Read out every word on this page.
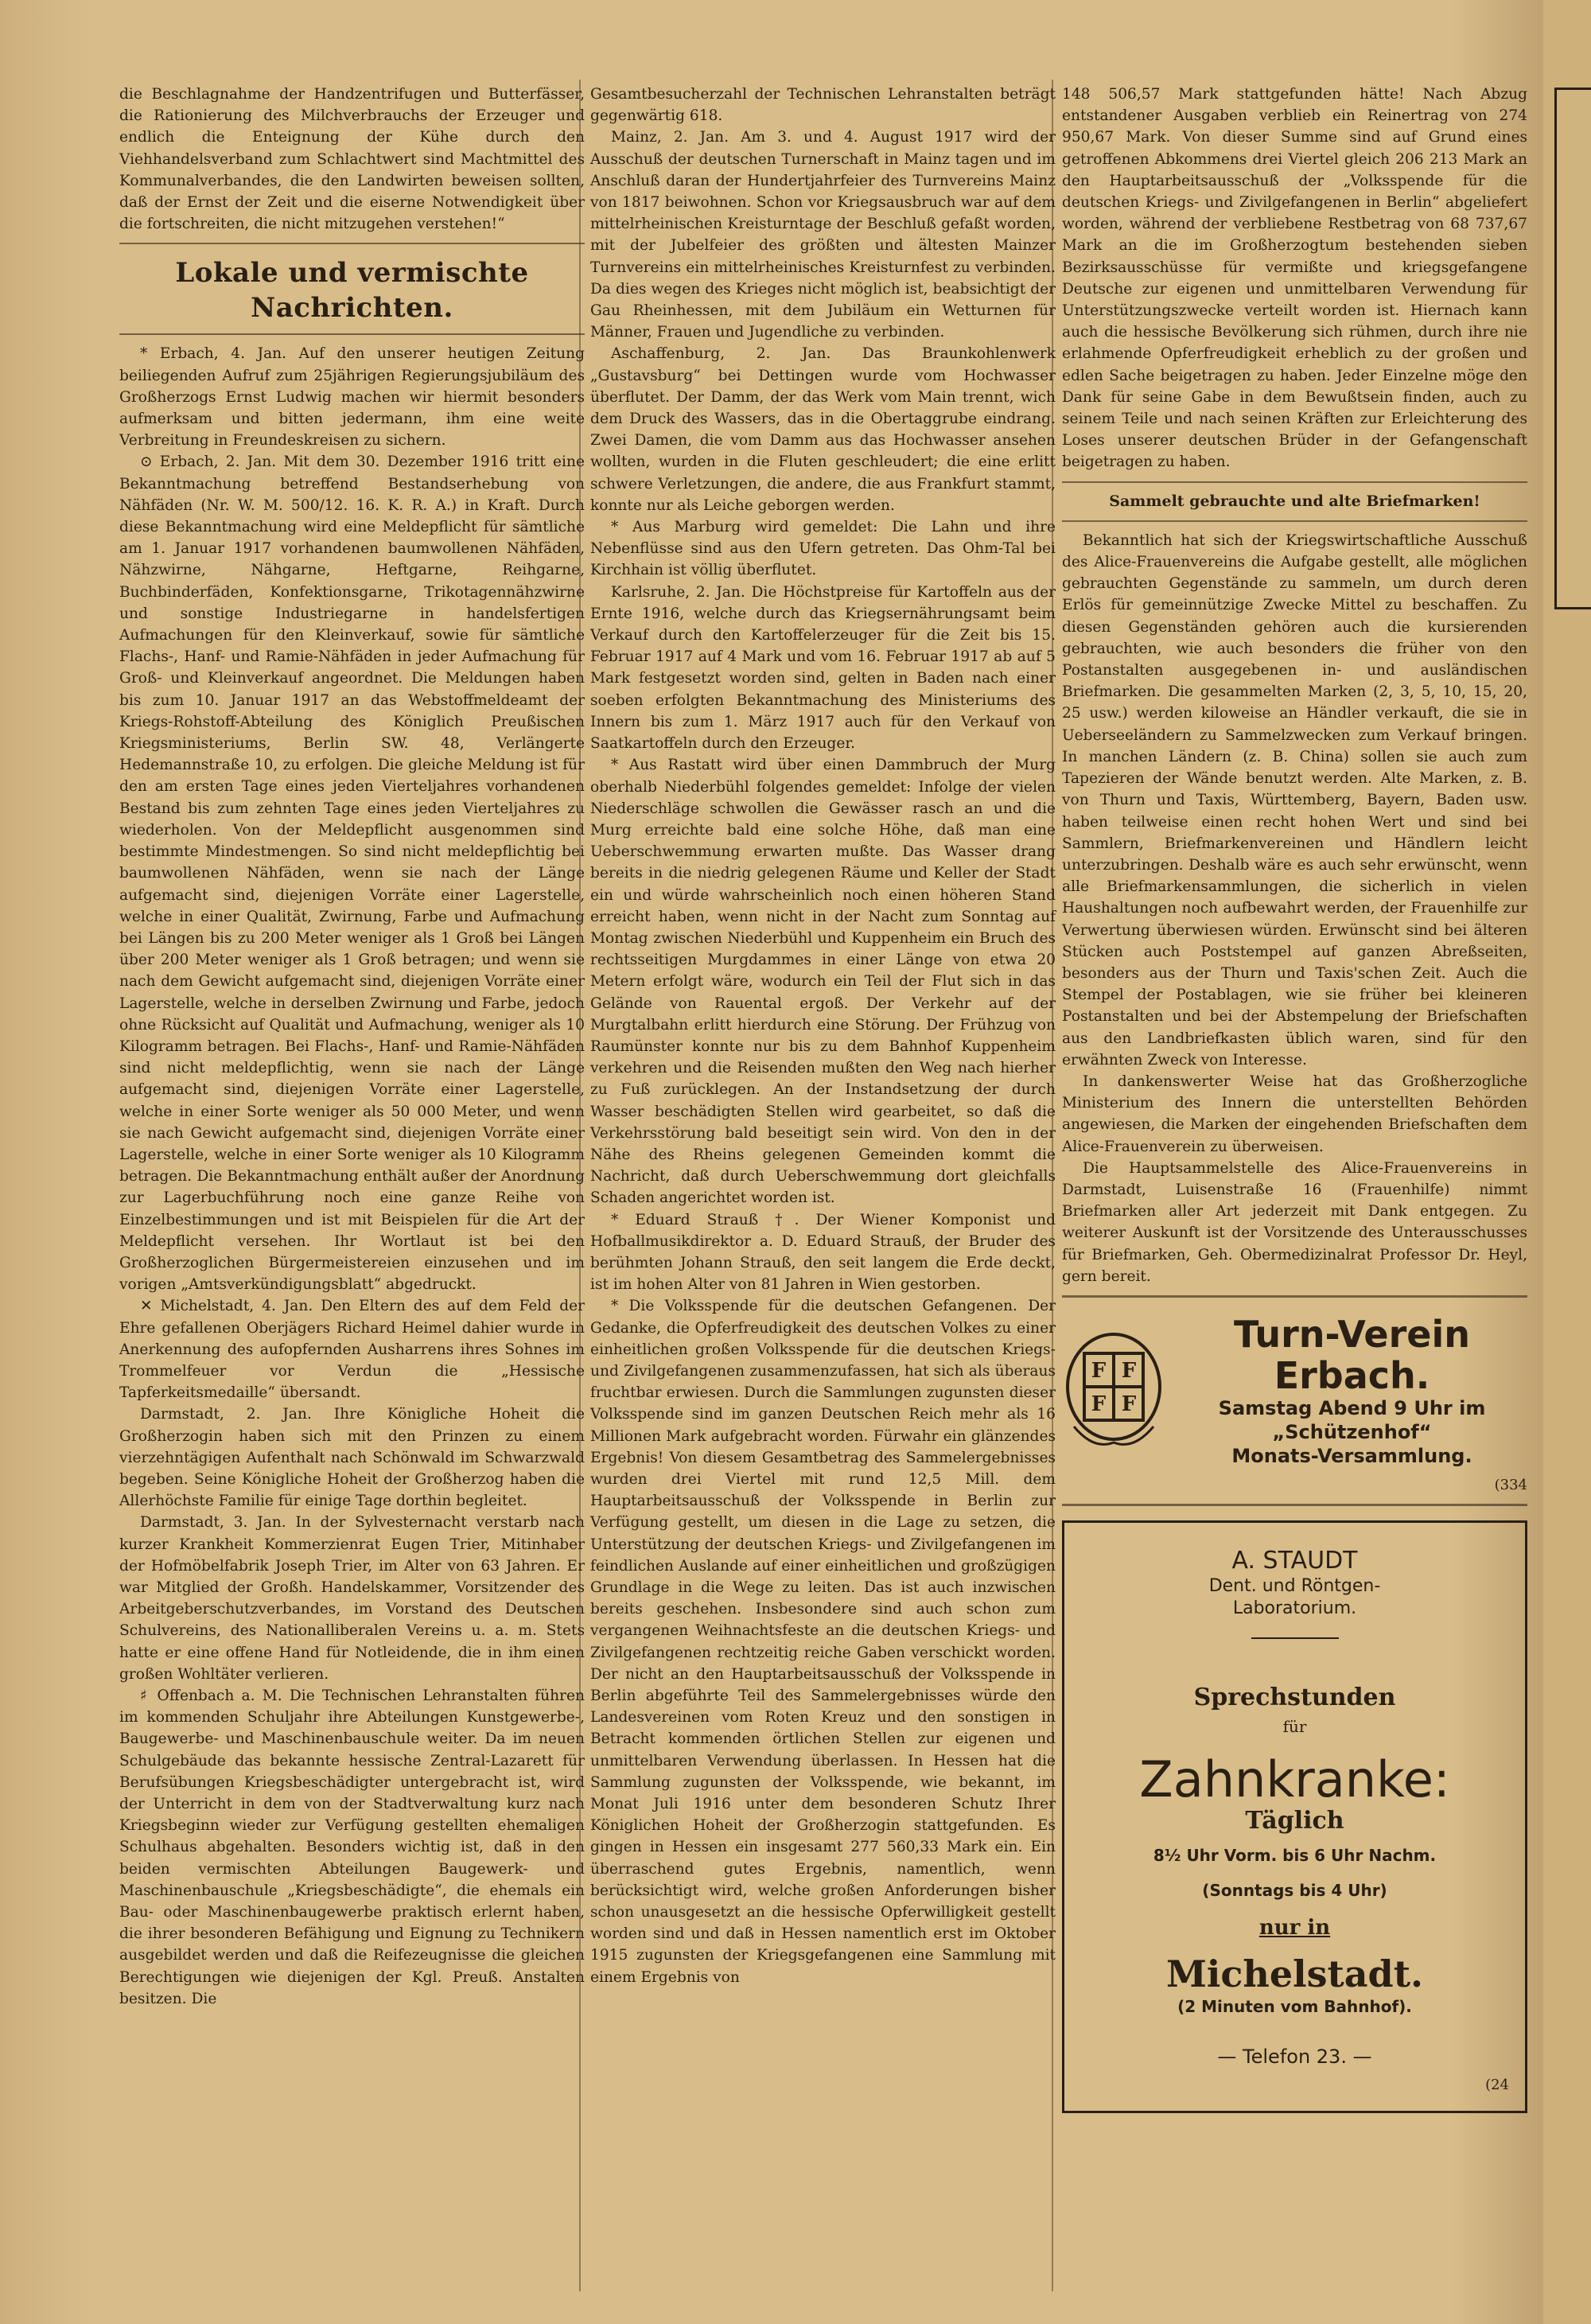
die Beschlagnahme der Handzentrifugen und Butterfässer, die Rationierung des Milchverbrauchs der Erzeuger und endlich die Enteignung der Kühe durch den Viehhandelsverband zum Schlachtwert sind Machtmittel des Kommunalverbandes, die den Landwirten beweisen sollten, daß der Ernst der Zeit und die eiserne Notwendigkeit über die fortschreiten, die nicht mitzugehen verstehen!“

Lokale und vermischte Nachrichten.

* Erbach, 4. Jan. Auf den unserer heutigen Zeitung beiliegenden Aufruf zum 25jährigen Regierungsjubiläum des Großherzogs Ernst Ludwig machen wir hiermit besonders aufmerksam und bitten jedermann, ihm eine weite Verbreitung in Freundeskreisen zu sichern.

⊙ Erbach, 2. Jan. Mit dem 30. Dezember 1916 tritt eine Bekanntmachung betreffend Bestandserhebung von Nähfäden (Nr. W. M. 500/12. 16. K. R. A.) in Kraft. Durch diese Bekanntmachung wird eine Meldepflicht für sämtliche am 1. Januar 1917 vorhandenen baumwollenen Nähfäden, Nähzwirne, Nähgarne, Heftgarne, Reihgarne, Buchbinderfäden, Konfektionsgarne, Trikotagennähzwirne und sonstige Industriegarne in handelsfertigen Aufmachungen für den Kleinverkauf, sowie für sämtliche Flachs-, Hanf- und Ramie-Nähfäden in jeder Aufmachung für Groß- und Kleinverkauf angeordnet. Die Meldungen haben bis zum 10. Januar 1917 an das Webstoffmeldeamt der Kriegs-Rohstoff-Abteilung des Königlich Preußischen Kriegsministeriums, Berlin SW. 48, Verlängerte Hedemannstraße 10, zu erfolgen. Die gleiche Meldung ist für den am ersten Tage eines jeden Vierteljahres vorhandenen Bestand bis zum zehnten Tage eines jeden Vierteljahres zu wiederholen. Von der Meldepflicht ausgenommen sind bestimmte Mindestmengen. So sind nicht meldepflichtig bei baumwollenen Nähfäden, wenn sie nach der Länge aufgemacht sind, diejenigen Vorräte einer Lagerstelle, welche in einer Qualität, Zwirnung, Farbe und Aufmachung bei Längen bis zu 200 Meter weniger als 1 Groß bei Längen über 200 Meter weniger als 1 Groß betragen; und wenn sie nach dem Gewicht aufgemacht sind, diejenigen Vorräte einer Lagerstelle, welche in derselben Zwirnung und Farbe, jedoch ohne Rücksicht auf Qualität und Aufmachung, weniger als 10 Kilogramm betragen. Bei Flachs-, Hanf- und Ramie-Nähfäden sind nicht meldepflichtig, wenn sie nach der Länge aufgemacht sind, diejenigen Vorräte einer Lagerstelle, welche in einer Sorte weniger als 50 000 Meter, und wenn sie nach Gewicht aufgemacht sind, diejenigen Vorräte einer Lagerstelle, welche in einer Sorte weniger als 10 Kilogramm betragen. Die Bekanntmachung enthält außer der Anordnung zur Lagerbuchführung noch eine ganze Reihe von Einzelbestimmungen und ist mit Beispielen für die Art der Meldepflicht versehen. Ihr Wortlaut ist bei den Großherzoglichen Bürgermeistereien einzusehen und im vorigen „Amtsverkündigungsblatt“ abgedruckt.

✕ Michelstadt, 4. Jan. Den Eltern des auf dem Feld der Ehre gefallenen Oberjägers Richard Heimel dahier wurde in Anerkennung des aufopfernden Ausharrens ihres Sohnes im Trommelfeuer vor Verdun die „Hessische Tapferkeitsmedaille“ übersandt.

Darmstadt, 2. Jan. Ihre Königliche Hoheit die Großherzogin haben sich mit den Prinzen zu einem vierzehntägigen Aufenthalt nach Schönwald im Schwarzwald begeben. Seine Königliche Hoheit der Großherzog haben die Allerhöchste Familie für einige Tage dorthin begleitet.

Darmstadt, 3. Jan. In der Sylvesternacht verstarb nach kurzer Krankheit Kommerzienrat Eugen Trier, Mitinhaber der Hofmöbelfabrik Joseph Trier, im Alter von 63 Jahren. Er war Mitglied der Großh. Handelskammer, Vorsitzender des Arbeitgeberschutzverbandes, im Vorstand des Deutschen Schulvereins, des Nationalliberalen Vereins u. a. m. Stets hatte er eine offene Hand für Notleidende, die in ihm einen großen Wohltäter verlieren.

♯ Offenbach a. M. Die Technischen Lehranstalten führen im kommenden Schuljahr ihre Abteilungen Kunstgewerbe-, Baugewerbe- und Maschinenbauschule weiter. Da im neuen Schulgebäude das bekannte hessische Zentral-Lazarett für Berufsübungen Kriegsbeschädigter untergebracht ist, wird der Unterricht in dem von der Stadtverwaltung kurz nach Kriegsbeginn wieder zur Verfügung gestellten ehemaligen Schulhaus abgehalten. Besonders wichtig ist, daß in den beiden vermischten Abteilungen Baugewerk- und Maschinenbauschule „Kriegsbeschädigte“, die ehemals ein Bau- oder Maschinenbaugewerbe praktisch erlernt haben, die ihrer besonderen Befähigung und Eignung zu Technikern ausgebildet werden und daß die Reifezeugnisse die gleichen Berechtigungen wie diejenigen der Kgl. Preuß. Anstalten besitzen. Die

Gesamtbesucherzahl der Technischen Lehranstalten beträgt gegenwärtig 618.

Mainz, 2. Jan. Am 3. und 4. August 1917 wird der Ausschuß der deutschen Turnerschaft in Mainz tagen und im Anschluß daran der Hundertjahrfeier des Turnvereins Mainz von 1817 beiwohnen. Schon vor Kriegsausbruch war auf dem mittelrheinischen Kreisturntage der Beschluß gefaßt worden, mit der Jubelfeier des größten und ältesten Mainzer Turnvereins ein mittelrheinisches Kreisturnfest zu verbinden. Da dies wegen des Krieges nicht möglich ist, beabsichtigt der Gau Rheinhessen, mit dem Jubiläum ein Wetturnen für Männer, Frauen und Jugendliche zu verbinden.

Aschaffenburg, 2. Jan. Das Braunkohlenwerk „Gustavsburg“ bei Dettingen wurde vom Hochwasser überflutet. Der Damm, der das Werk vom Main trennt, wich dem Druck des Wassers, das in die Obertaggrube eindrang. Zwei Damen, die vom Damm aus das Hochwasser ansehen wollten, wurden in die Fluten geschleudert; die eine erlitt schwere Verletzungen, die andere, die aus Frankfurt stammt, konnte nur als Leiche geborgen werden.

* Aus Marburg wird gemeldet: Die Lahn und ihre Nebenflüsse sind aus den Ufern getreten. Das Ohm-Tal bei Kirchhain ist völlig überflutet.

Karlsruhe, 2. Jan. Die Höchstpreise für Kartoffeln aus der Ernte 1916, welche durch das Kriegsernährungsamt beim Verkauf durch den Kartoffelerzeuger für die Zeit bis 15. Februar 1917 auf 4 Mark und vom 16. Februar 1917 ab auf 5 Mark festgesetzt worden sind, gelten in Baden nach einer soeben erfolgten Bekanntmachung des Ministeriums des Innern bis zum 1. März 1917 auch für den Verkauf von Saatkartoffeln durch den Erzeuger.

* Aus Rastatt wird über einen Dammbruch der Murg oberhalb Niederbühl folgendes gemeldet: Infolge der vielen Niederschläge schwollen die Gewässer rasch an und die Murg erreichte bald eine solche Höhe, daß man eine Ueberschwemmung erwarten mußte. Das Wasser drang bereits in die niedrig gelegenen Räume und Keller der Stadt ein und würde wahrscheinlich noch einen höheren Stand erreicht haben, wenn nicht in der Nacht zum Sonntag auf Montag zwischen Niederbühl und Kuppenheim ein Bruch des rechtsseitigen Murgdammes in einer Länge von etwa 20 Metern erfolgt wäre, wodurch ein Teil der Flut sich in das Gelände von Rauental ergoß. Der Verkehr auf der Murgtalbahn erlitt hierdurch eine Störung. Der Frühzug von Raumünster konnte nur bis zu dem Bahnhof Kuppenheim verkehren und die Reisenden mußten den Weg nach hierher zu Fuß zurücklegen. An der Instandsetzung der durch Wasser beschädigten Stellen wird gearbeitet, so daß die Verkehrsstörung bald beseitigt sein wird. Von den in der Nähe des Rheins gelegenen Gemeinden kommt die Nachricht, daß durch Ueberschwemmung dort gleichfalls Schaden angerichtet worden ist.

* Eduard Strauß †. Der Wiener Komponist und Hofballmusikdirektor a. D. Eduard Strauß, der Bruder des berühmten Johann Strauß, den seit langem die Erde deckt, ist im hohen Alter von 81 Jahren in Wien gestorben.

* Die Volksspende für die deutschen Gefangenen. Der Gedanke, die Opferfreudigkeit des deutschen Volkes zu einer einheitlichen großen Volksspende für die deutschen Kriegs- und Zivilgefangenen zusammenzufassen, hat sich als überaus fruchtbar erwiesen. Durch die Sammlungen zugunsten dieser Volksspende sind im ganzen Deutschen Reich mehr als 16 Millionen Mark aufgebracht worden. Fürwahr ein glänzendes Ergebnis! Von diesem Gesamtbetrag des Sammelergebnisses wurden drei Viertel mit rund 12,5 Mill. dem Hauptarbeitsausschuß der Volksspende in Berlin zur Verfügung gestellt, um diesen in die Lage zu setzen, die Unterstützung der deutschen Kriegs- und Zivilgefangenen im feindlichen Auslande auf einer einheitlichen und großzügigen Grundlage in die Wege zu leiten. Das ist auch inzwischen bereits geschehen. Insbesondere sind auch schon zum vergangenen Weihnachtsfeste an die deutschen Kriegs- und Zivilgefangenen rechtzeitig reiche Gaben verschickt worden. Der nicht an den Hauptarbeitsausschuß der Volksspende in Berlin abgeführte Teil des Sammelergebnisses würde den Landesvereinen vom Roten Kreuz und den sonstigen in Betracht kommenden örtlichen Stellen zur eigenen und unmittelbaren Verwendung überlassen. In Hessen hat die Sammlung zugunsten der Volksspende, wie bekannt, im Monat Juli 1916 unter dem besonderen Schutz Ihrer Königlichen Hoheit der Großherzogin stattgefunden. Es gingen in Hessen ein insgesamt 277 560,33 Mark ein. Ein überraschend gutes Ergebnis, namentlich, wenn berücksichtigt wird, welche großen Anforderungen bisher schon unausgesetzt an die hessische Opferwilligkeit gestellt worden sind und daß in Hessen namentlich erst im Oktober 1915 zugunsten der Kriegsgefangenen eine Sammlung mit einem Ergebnis von

148 506,57 Mark stattgefunden hätte! Nach Abzug entstandener Ausgaben verblieb ein Reinertrag von 274 950,67 Mark. Von dieser Summe sind auf Grund eines getroffenen Abkommens drei Viertel gleich 206 213 Mark an den Hauptarbeitsausschuß der „Volksspende für die deutschen Kriegs- und Zivilgefangenen in Berlin“ abgeliefert worden, während der verbliebene Restbetrag von 68 737,67 Mark an die im Großherzogtum bestehenden sieben Bezirksausschüsse für vermißte und kriegsgefangene Deutsche zur eigenen und unmittelbaren Verwendung für Unterstützungszwecke verteilt worden ist. Hiernach kann auch die hessische Bevölkerung sich rühmen, durch ihre nie erlahmende Opferfreudigkeit erheblich zu der großen und edlen Sache beigetragen zu haben. Jeder Einzelne möge den Dank für seine Gabe in dem Bewußtsein finden, auch zu seinem Teile und nach seinen Kräften zur Erleichterung des Loses unserer deutschen Brüder in der Gefangenschaft beigetragen zu haben.

Sammelt gebrauchte und alte Briefmarken!

Bekanntlich hat sich der Kriegswirtschaftliche Ausschuß des Alice-Frauenvereins die Aufgabe gestellt, alle möglichen gebrauchten Gegenstände zu sammeln, um durch deren Erlös für gemeinnützige Zwecke Mittel zu beschaffen. Zu diesen Gegenständen gehören auch die kursierenden gebrauchten, wie auch besonders die früher von den Postanstalten ausgegebenen in- und ausländischen Briefmarken. Die gesammelten Marken (2, 3, 5, 10, 15, 20, 25 usw.) werden kiloweise an Händler verkauft, die sie in Ueberseeländern zu Sammelzwecken zum Verkauf bringen. In manchen Ländern (z. B. China) sollen sie auch zum Tapezieren der Wände benutzt werden. Alte Marken, z. B. von Thurn und Taxis, Württemberg, Bayern, Baden usw. haben teilweise einen recht hohen Wert und sind bei Sammlern, Briefmarkenvereinen und Händlern leicht unterzubringen. Deshalb wäre es auch sehr erwünscht, wenn alle Briefmarkensammlungen, die sicherlich in vielen Haushaltungen noch aufbewahrt werden, der Frauenhilfe zur Verwertung überwiesen würden. Erwünscht sind bei älteren Stücken auch Poststempel auf ganzen Abreßseiten, besonders aus der Thurn und Taxis'schen Zeit. Auch die Stempel der Postablagen, wie sie früher bei kleineren Postanstalten und bei der Abstempelung der Briefschaften aus den Landbriefkasten üblich waren, sind für den erwähnten Zweck von Interesse.

In dankenswerter Weise hat das Großherzogliche Ministerium des Innern die unterstellten Behörden angewiesen, die Marken der eingehenden Briefschaften dem Alice-Frauenverein zu überweisen.

Die Hauptsammelstelle des Alice-Frauenvereins in Darmstadt, Luisenstraße 16 (Frauenhilfe) nimmt Briefmarken aller Art jederzeit mit Dank entgegen. Zu weiterer Auskunft ist der Vorsitzende des Unterausschusses für Briefmarken, Geh. Obermedizinalrat Professor Dr. Heyl, gern bereit.

F F
F F
Turn-Verein Erbach.
Samstag Abend 9 Uhr im
„Schützenhof“
Monats-Versammlung.
(334
A. STAUDT
Dent. und Röntgen-
Laboratorium.
Sprechstunden
für
Zahnkranke:
Täglich
8½ Uhr Vorm. bis 6 Uhr Nachm.
(Sonntags bis 4 Uhr)
nur in
Michelstadt.
(2 Minuten vom Bahnhof).
— Telefon 23. —
(24
